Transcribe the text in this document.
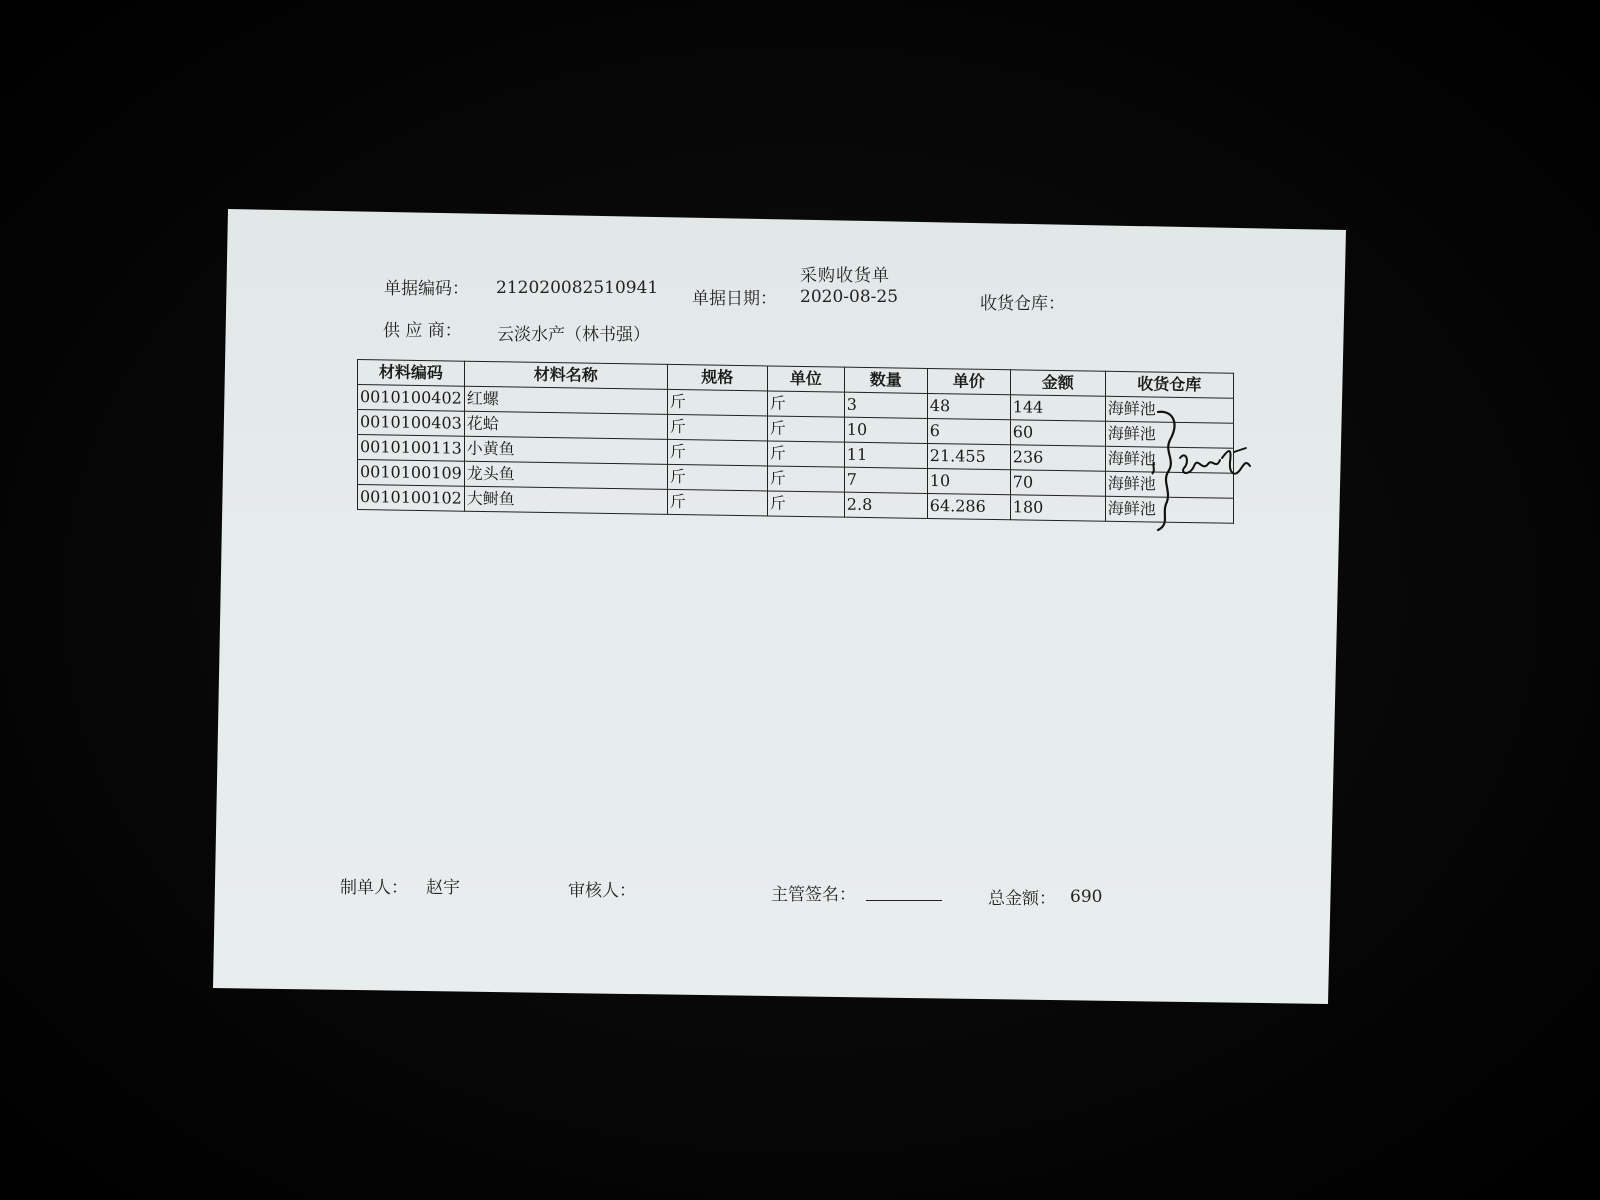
采购收货单
单据编码： 212020082510941
单据日期： 2020-08-25	收货仓库：
供 应 商： 云淡水产（林书强）
材料编码	材料名称	规格	单位	数量	单价	金额	收货仓库
0010100402	红螺	斤	斤	3	48	144	海鲜池
0010100403	花蛤	斤	斤	10	6	60	海鲜池
0010100113	小黄鱼	斤	斤	11	21.455	236	海鲜池
0010100109	龙头鱼	斤	斤	7	10	70	海鲜池
0010100102	大鲥鱼	斤	斤	2.8	64.286	180	海鲜池
制单人： 赵宇	审核人：	主管签名：	总金额： 690
